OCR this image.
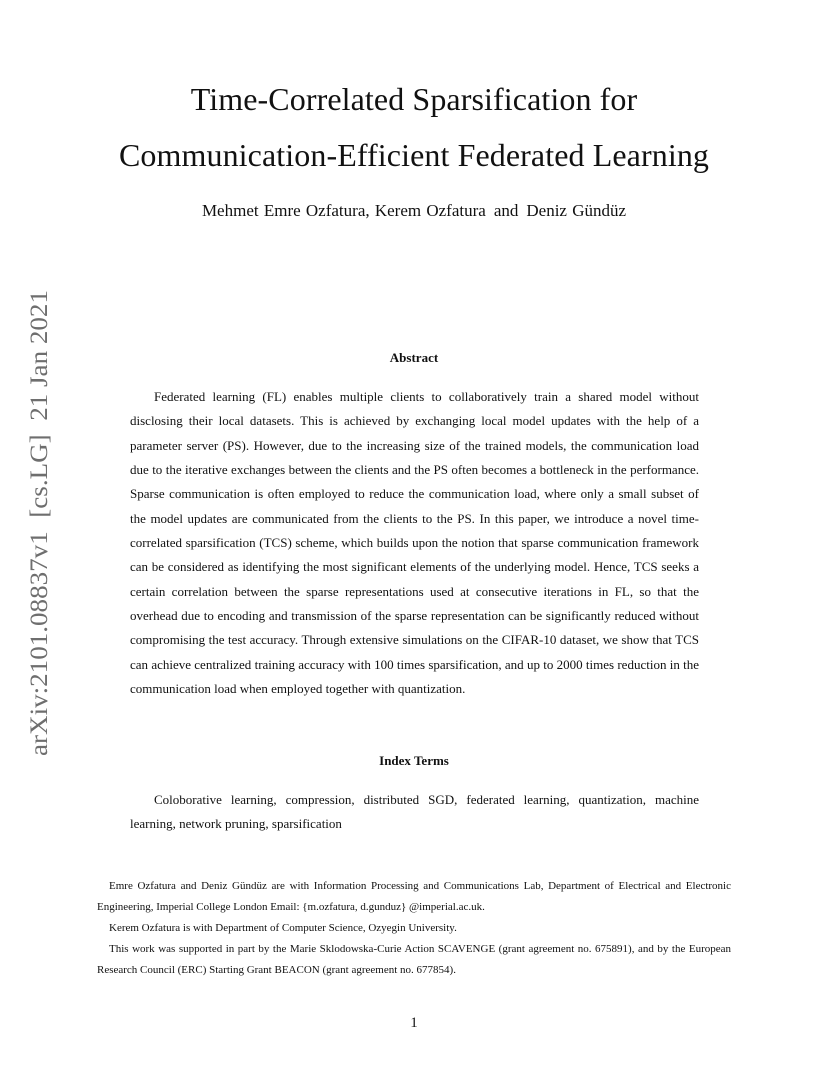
arXiv:2101.08837v1  [cs.LG]  21 Jan 2021
Time-Correlated Sparsification for
Communication-Efficient Federated Learning
Mehmet Emre Ozfatura, Kerem Ozfatura and Deniz Gündüz
Abstract

Federated learning (FL) enables multiple clients to collaboratively train a shared model without disclosing their local datasets. This is achieved by exchanging local model updates with the help of a parameter server (PS). However, due to the increasing size of the trained models, the communication load due to the iterative exchanges between the clients and the PS often becomes a bottleneck in the performance. Sparse communication is often employed to reduce the communication load, where only a small subset of the model updates are communicated from the clients to the PS. In this paper, we introduce a novel time-correlated sparsification (TCS) scheme, which builds upon the notion that sparse communication framework can be considered as identifying the most significant elements of the underlying model. Hence, TCS seeks a certain correlation between the sparse representations used at consecutive iterations in FL, so that the overhead due to encoding and transmission of the sparse representation can be significantly reduced without compromising the test accuracy. Through extensive simulations on the CIFAR-10 dataset, we show that TCS can achieve centralized training accuracy with 100 times sparsification, and up to 2000 times reduction in the communication load when employed together with quantization.

Index Terms

Coloborative learning, compression, distributed SGD, federated learning, quantization, machine learning, network pruning, sparsification

Emre Ozfatura and Deniz Gündüz are with Information Processing and Communications Lab, Department of Electrical and Electronic Engineering, Imperial College London Email: {m.ozfatura, d.gunduz} @imperial.ac.uk.

Kerem Ozfatura is with Department of Computer Science, Ozyegin University.

This work was supported in part by the Marie Sklodowska-Curie Action SCAVENGE (grant agreement no. 675891), and by the European Research Council (ERC) Starting Grant BEACON (grant agreement no. 677854).

1
